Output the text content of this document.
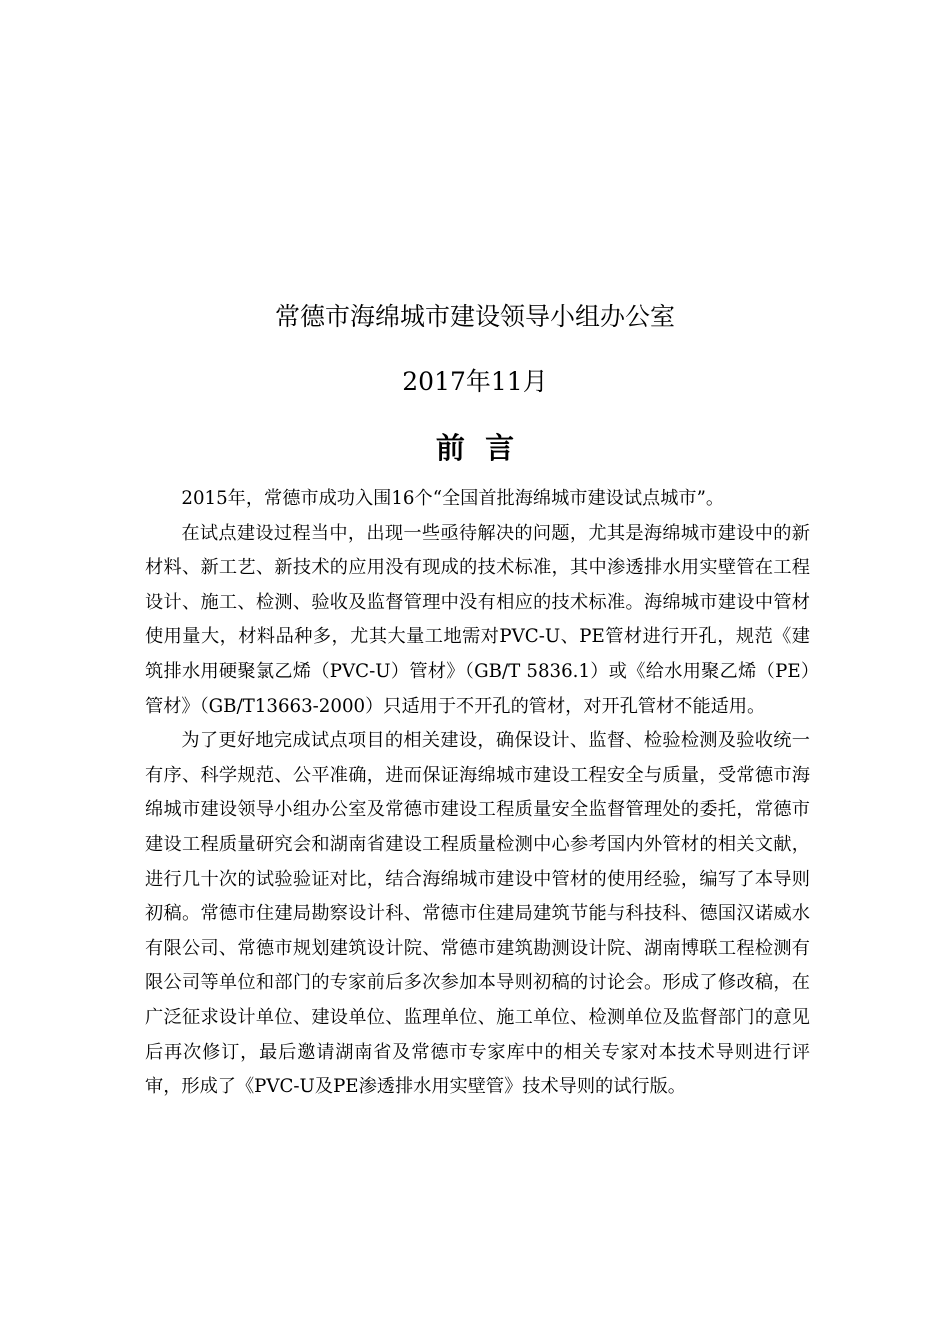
常德市海绵城市建设领导小组办公室
2017年11月
前  言

2015年，常德市成功入围16个“全国首批海绵城市建设试点城市”。

在试点建设过程当中，出现一些亟待解决的问题，尤其是海绵城市建设中的新材料、新工艺、新技术的应用没有现成的技术标准，其中渗透排水用实壁管在工程设计、施工、检测、验收及监督管理中没有相应的技术标准。海绵城市建设中管材使用量大，材料品种多，尤其大量工地需对PVC-U、PE管材进行开孔，规范《建筑排水用硬聚氯乙烯（PVC-U）管材》（GB/T 5836.1）或《给水用聚乙烯（PE）管材》（GB/T13663-2000）只适用于不开孔的管材，对开孔管材不能适用。

为了更好地完成试点项目的相关建设，确保设计、监督、检验检测及验收统一有序、科学规范、公平准确，进而保证海绵城市建设工程安全与质量，受常德市海绵城市建设领导小组办公室及常德市建设工程质量安全监督管理处的委托，常德市建设工程质量研究会和湖南省建设工程质量检测中心参考国内外管材的相关文献，进行几十次的试验验证对比，结合海绵城市建设中管材的使用经验，编写了本导则初稿。常德市住建局勘察设计科、常德市住建局建筑节能与科技科、德国汉诺威水有限公司、常德市规划建筑设计院、常德市建筑勘测设计院、湖南博联工程检测有限公司等单位和部门的专家前后多次参加本导则初稿的讨论会。形成了修改稿，在广泛征求设计单位、建设单位、监理单位、施工单位、检测单位及监督部门的意见后再次修订，最后邀请湖南省及常德市专家库中的相关专家对本技术导则进行评审，形成了《PVC-U及PE渗透排水用实壁管》技术导则的试行版。
